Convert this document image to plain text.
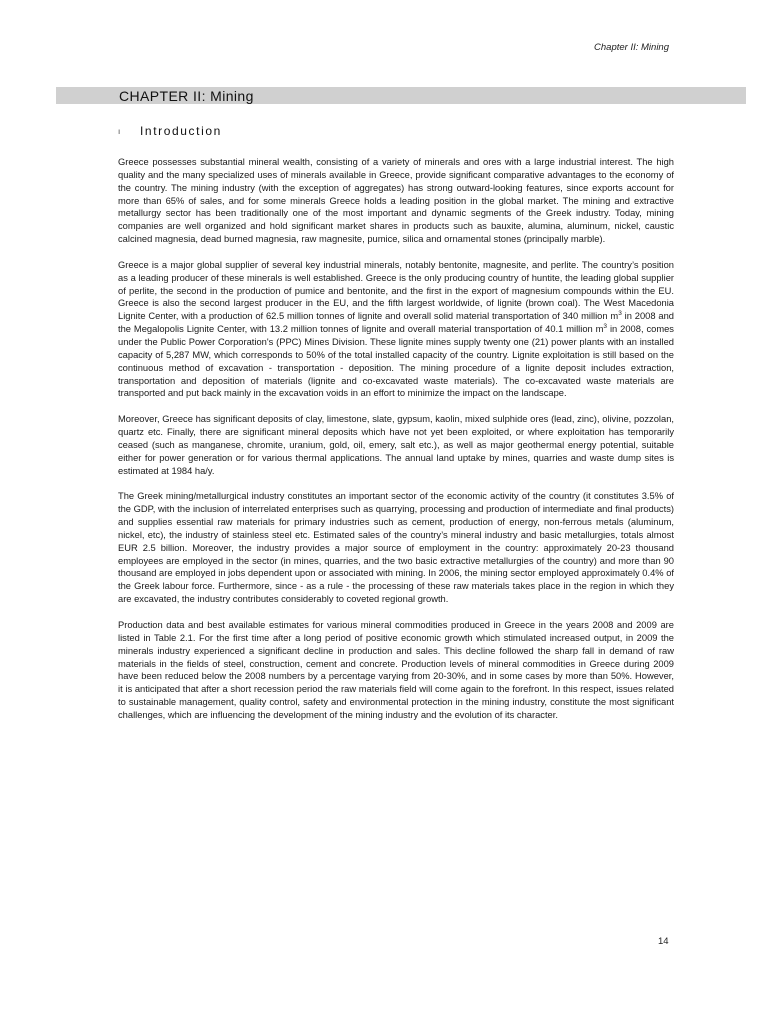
Chapter II: Mining
CHAPTER II: Mining
ı Introduction

Greece possesses substantial mineral wealth, consisting of a variety of minerals and ores with a large industrial interest. The high quality and the many specialized uses of minerals available in Greece, provide significant comparative advantages to the economy of the country. The mining industry (with the exception of aggregates) has strong outward-looking features, since exports account for more than 65% of sales, and for some minerals Greece holds a leading position in the global market. The mining and extractive metallurgy sector has been traditionally one of the most important and dynamic segments of the Greek industry. Today, mining companies are well organized and hold significant market shares in products such as bauxite, alumina, aluminum, nickel, caustic calcined magnesia, dead burned magnesia, raw magnesite, pumice, silica and ornamental stones (principally marble).

Greece is a major global supplier of several key industrial minerals, notably bentonite, magnesite, and perlite. The country’s position as a leading producer of these minerals is well established. Greece is the only producing country of huntite, the leading global supplier of perlite, the second in the production of pumice and bentonite, and the first in the export of magnesium compounds within the EU. Greece is also the second largest producer in the EU, and the fifth largest worldwide, of lignite (brown coal). The West Macedonia Lignite Center, with a production of 62.5 million tonnes of lignite and overall solid material transportation of 340 million $m^3$ in 2008 and the Megalopolis Lignite Center, with 13.2 million tonnes of lignite and overall material transportation of 40.1 million $m^3$ in 2008, comes under the Public Power Corporation's (PPC) Mines Division. These lignite mines supply twenty one (21) power plants with an installed capacity of 5,287 MW, which corresponds to 50% of the total installed capacity of the country. Lignite exploitation is still based on the continuous method of excavation - transportation - deposition. The mining procedure of a lignite deposit includes extraction, transportation and deposition of materials (lignite and co-excavated waste materials). The co-excavated waste materials are transported and put back mainly in the excavation voids in an effort to minimize the impact on the landscape.

Moreover, Greece has significant deposits of clay, limestone, slate, gypsum, kaolin, mixed sulphide ores (lead, zinc), olivine, pozzolan, quartz etc. Finally, there are significant mineral deposits which have not yet been exploited, or where exploitation has temporarily ceased (such as manganese, chromite, uranium, gold, oil, emery, salt etc.), as well as major geothermal energy potential, suitable either for power generation or for various thermal applications. The annual land uptake by mines, quarries and waste dump sites is estimated at 1984 ha/y.

The Greek mining/metallurgical industry constitutes an important sector of the economic activity of the country (it constitutes 3.5% of the GDP, with the inclusion of interrelated enterprises such as quarrying, processing and production of intermediate and final products) and supplies essential raw materials for primary industries such as cement, production of energy, non-ferrous metals (aluminum, nickel, etc), the industry of stainless steel etc. Estimated sales of the country’s mineral industry and basic metallurgies, totals almost EUR 2.5 billion. Moreover, the industry provides a major source of employment in the country: approximately 20-23 thousand employees are employed in the sector (in mines, quarries, and the two basic extractive metallurgies of the country) and more than 90 thousand are employed in jobs dependent upon or associated with mining. In 2006, the mining sector employed approximately 0.4% of the Greek labour force. Furthermore, since - as a rule - the processing of these raw materials takes place in the region in which they are excavated, the industry contributes considerably to coveted regional growth.

Production data and best available estimates for various mineral commodities produced in Greece in the years 2008 and 2009 are listed in Table 2.1. For the first time after a long period of positive economic growth which stimulated increased output, in 2009 the minerals industry experienced a significant decline in production and sales. This decline followed the sharp fall in demand of raw materials in the fields of steel, construction, cement and concrete. Production levels of mineral commodities in Greece during 2009 have been reduced below the 2008 numbers by a percentage varying from 20-30%, and in some cases by more than 50%. However, it is anticipated that after a short recession period the raw materials field will come again to the forefront. In this respect, issues related to sustainable management, quality control, safety and environmental protection in the mining industry, constitute the most significant challenges, which are influencing the development of the mining industry and the evolution of its character.

14
